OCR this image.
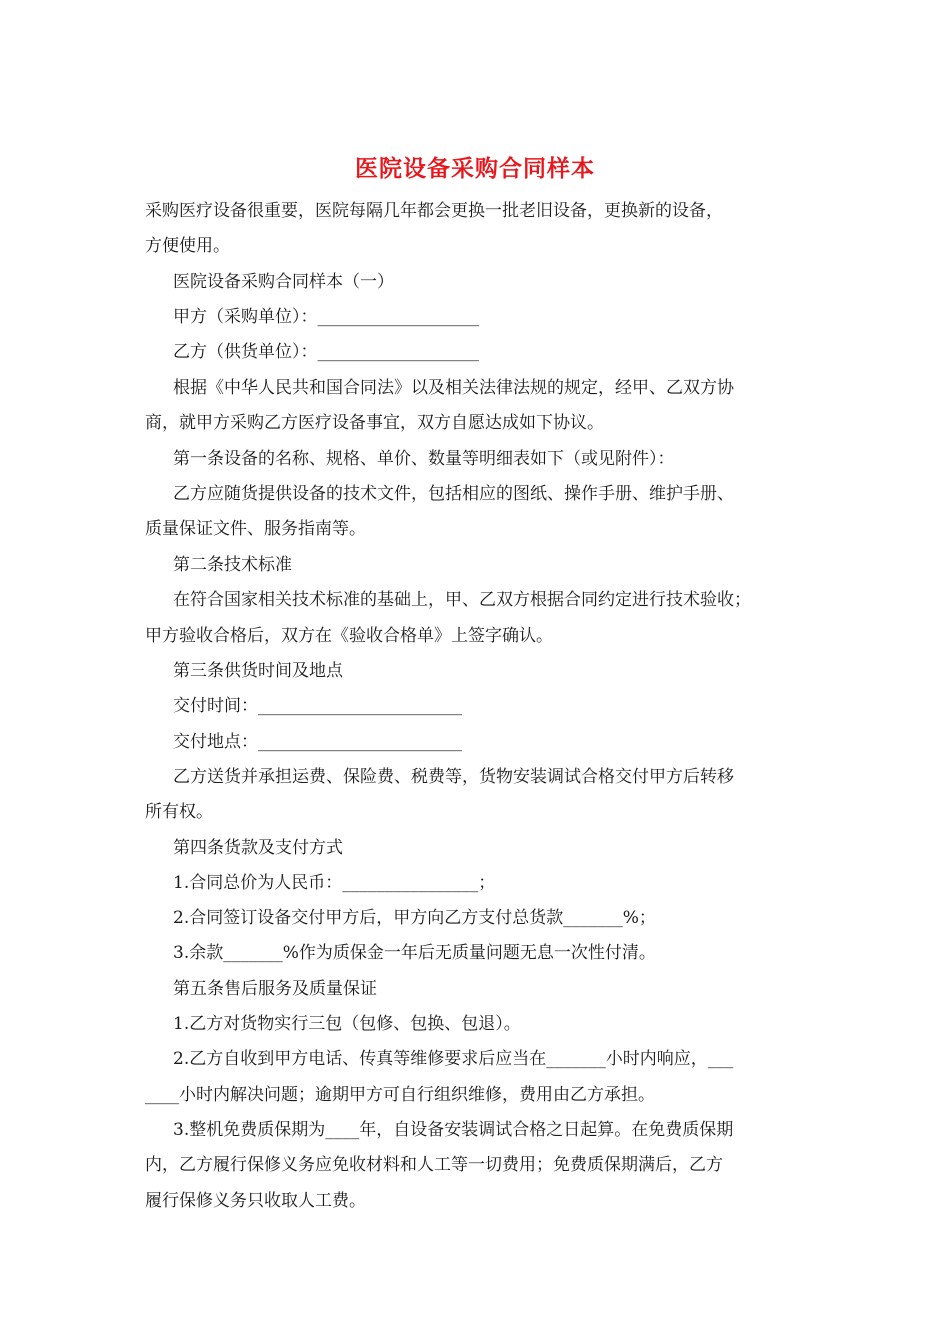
医院设备采购合同样本
采购医疗设备很重要，医院每隔几年都会更换一批老旧设备，更换新的设备，
方便使用。
医院设备采购合同样本（一）
甲方（采购单位）：___________________
乙方（供货单位）：___________________
根据《中华人民共和国合同法》以及相关法律法规的规定，经甲、乙双方协
商，就甲方采购乙方医疗设备事宜，双方自愿达成如下协议。
第一条设备的名称、规格、单价、数量等明细表如下（或见附件）：
乙方应随货提供设备的技术文件，包括相应的图纸、操作手册、维护手册、
质量保证文件、服务指南等。
第二条技术标准
在符合国家相关技术标准的基础上，甲、乙双方根据合同约定进行技术验收；
甲方验收合格后，双方在《验收合格单》上签字确认。
第三条供货时间及地点
交付时间：________________________
交付地点：________________________
乙方送货并承担运费、保险费、税费等，货物安装调试合格交付甲方后转移
所有权。
第四条货款及支付方式
1.合同总价为人民币：________________；
2.合同签订设备交付甲方后，甲方向乙方支付总货款_______%；
3.余款_______%作为质保金一年后无质量问题无息一次性付清。
第五条售后服务及质量保证
1.乙方对货物实行三包（包修、包换、包退）。
2.乙方自收到甲方电话、传真等维修要求后应当在_______小时内响应，___
____小时内解决问题；逾期甲方可自行组织维修，费用由乙方承担。
3.整机免费质保期为____年，自设备安装调试合格之日起算。在免费质保期
内，乙方履行保修义务应免收材料和人工等一切费用；免费质保期满后，乙方
履行保修义务只收取人工费。
